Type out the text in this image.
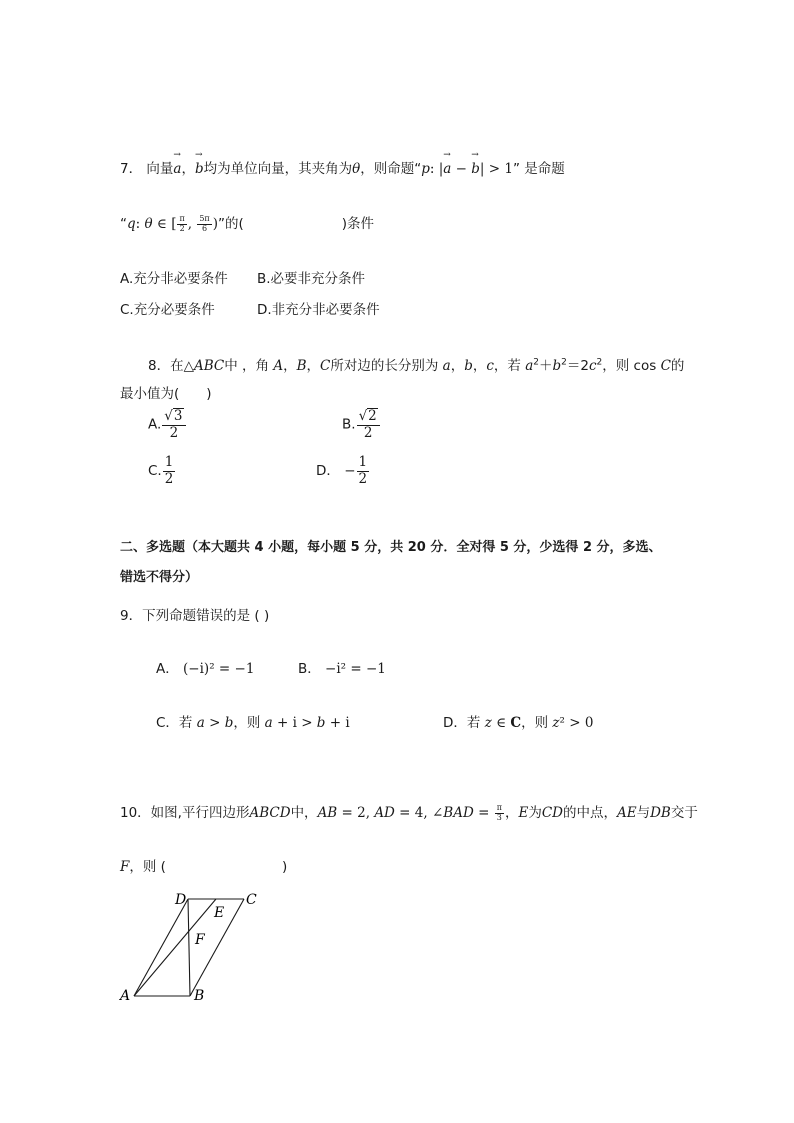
7． 向量→ a，→ b均为单位向量，其夹角为θ，则命题“p: |→ a − → b| > 1” 是命题
“q: θ ∈ [ $\frac{\pi}{2}$ , $\frac{5\pi}{6}$ )”的(	)条件
A.充分非必要条件 B.必要非充分条件
C.充分必要条件	D.非充分非必要条件
8．在△ABC中 ，角 A，B，C所对边的长分别为 a，b，c，若 $a^2+b^2=2c^2$，则 cos C的
最小值为(　　)
A. $\frac{√3}{2}$	B. $\frac{√2}{2}$
C. $\frac{1}{2}$	D． − $\frac{1}{2}$
二、多选题（本大题共 4 小题，每小题 5 分，共 20 分．全对得 5 分，少选得 2 分，多选、
错选不得分）
9．下列命题错误的是 ( )
A． (−i)² = −1	B． −i² = −1
C．若 a > b，则 a + i > b + i	D．若 z ∈ C，则 z² > 0
10．如图,平行四边形ABCD中，AB = 2, AD = 4, ∠BAD = $\frac{\pi}{3}$ ，E为CD的中点，AE与DB交于
F，则 (	)
A	B
C
D
E
F
